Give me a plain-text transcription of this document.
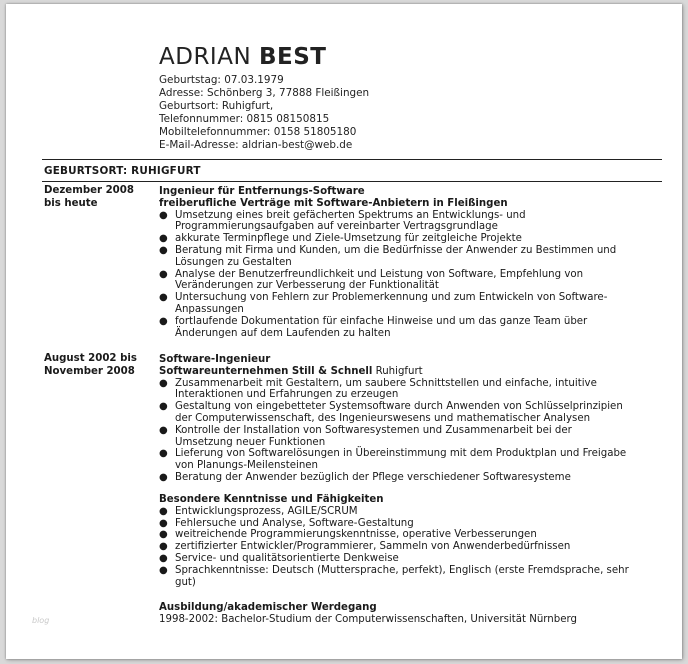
ADRIAN BEST
Geburtstag: 07.03.1979
Adresse: Schönberg 3, 77888 Fleißingen
Geburtsort: Ruhigfurt,
Telefonnummer: 0815 08150815
Mobiltelefonnummer: 0158 51805180
E-Mail-Adresse: aldrian-best@web.de
GEBURTSORT: RUHIGFURT
Dezember 2008 bis heute
Ingenieur für Entfernungs-Software
freiberufliche Verträge mit Software-Anbietern in Fleißingen
● Umsetzung eines breit gefächerten Spektrums an Entwicklungs- und Programmierungsaufgaben auf vereinbarter Vertragsgrundlage
● akkurate Terminpflege und Ziele-Umsetzung für zeitgleiche Projekte
● Beratung mit Firma und Kunden, um die Bedürfnisse der Anwender zu Bestimmen und Lösungen zu Gestalten
● Analyse der Benutzerfreundlichkeit und Leistung von Software, Empfehlung von Veränderungen zur Verbesserung der Funktionalität
● Untersuchung von Fehlern zur Problemerkennung und zum Entwickeln von Software-Anpassungen
● fortlaufende Dokumentation für einfache Hinweise und um das ganze Team über Änderungen auf dem Laufenden zu halten
August 2002 bis November 2008
Software-Ingenieur
Softwareunternehmen Still & Schnell Ruhigfurt
● Zusammenarbeit mit Gestaltern, um saubere Schnittstellen und einfache, intuitive Interaktionen und Erfahrungen zu erzeugen
● Gestaltung von eingebetteter Systemsoftware durch Anwenden von Schlüsselprinzipien der Computerwissenschaft, des Ingenieurswesens und mathematischer Analysen
● Kontrolle der Installation von Softwaresystemen und Zusammenarbeit bei der Umsetzung neuer Funktionen
● Lieferung von Softwarelösungen in Übereinstimmung mit dem Produktplan und Freigabe von Planungs-Meilensteinen
● Beratung der Anwender bezüglich der Pflege verschiedener Softwaresysteme
Besondere Kenntnisse und Fähigkeiten
● Entwicklungsprozess, AGILE/SCRUM
● Fehlersuche und Analyse, Software-Gestaltung
● weitreichende Programmierungskenntnisse, operative Verbesserungen
● zertifizierter Entwickler/Programmierer, Sammeln von Anwenderbedürfnissen
● Service- und qualitätsorientierte Denkweise
● Sprachkenntnisse: Deutsch (Muttersprache, perfekt), Englisch (erste Fremdsprache, sehr gut)
Ausbildung/akademischer Werdegang
1998-2002: Bachelor-Studium der Computerwissenschaften, Universität Nürnberg
blog
